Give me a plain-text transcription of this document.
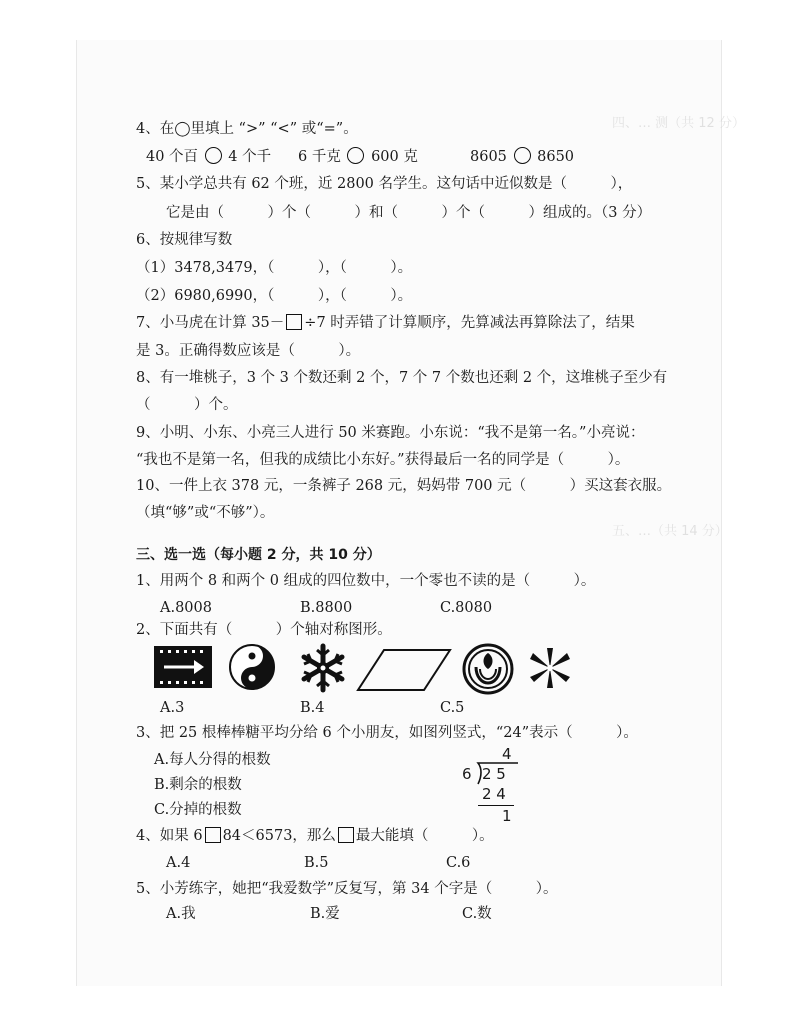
四、… 测（共 12 分）
五、…（共 14 分）
4、在◯里填上 “>” “<” 或“=”。
40 个百 4 个千 6 千克 600 克	8605 8650
5、某小学总共有 62 个班，近 2800 名学生。这句话中近似数是（　　　），
它是由（　　　）个（　　　）和（　　　）个（　　　）组成的。（3 分）
6、按规律写数
（1）3478,3479，（　　　），（　　　）。
（2）6980,6990，（　　　），（　　　）。
7、小马虎在计算 35－ ÷7 时弄错了计算顺序，先算减法再算除法了，结果
是 3。正确得数应该是（　　　）。
8、有一堆桃子，3 个 3 个数还剩 2 个，7 个 7 个数也还剩 2 个，这堆桃子至少有
（　　　）个。
9、小明、小东、小亮三人进行 50 米赛跑。小东说：“我不是第一名。”小亮说：
“我也不是第一名，但我的成绩比小东好。”获得最后一名的同学是（　　　）。
10、一件上衣 378 元，一条裤子 268 元，妈妈带 700 元（　　　）买这套衣服。
（填“够”或“不够”）。
三、选一选（每小题 2 分，共 10 分）
1、用两个 8 和两个 0 组成的四位数中，一个零也不读的是（　　　）。
A.8008	B.8800	C.8080
2、下面共有（　　　）个轴对称图形。
A.3	B.4	C.5
3、把 25 根棒棒糖平均分给 6 个小朋友，如图列竖式，“24”表示（　　　）。
A.每人分得的根数
B.剩余的根数
C.分掉的根数
4
6 2 5
2 4
1
4、如果 6 84＜6573，那么 最大能填（　　　）。
A.4	B.5	C.6
5、小芳练字，她把“我爱数学”反复写，第 34 个字是（　　　）。
A.我	B.爱	C.数
